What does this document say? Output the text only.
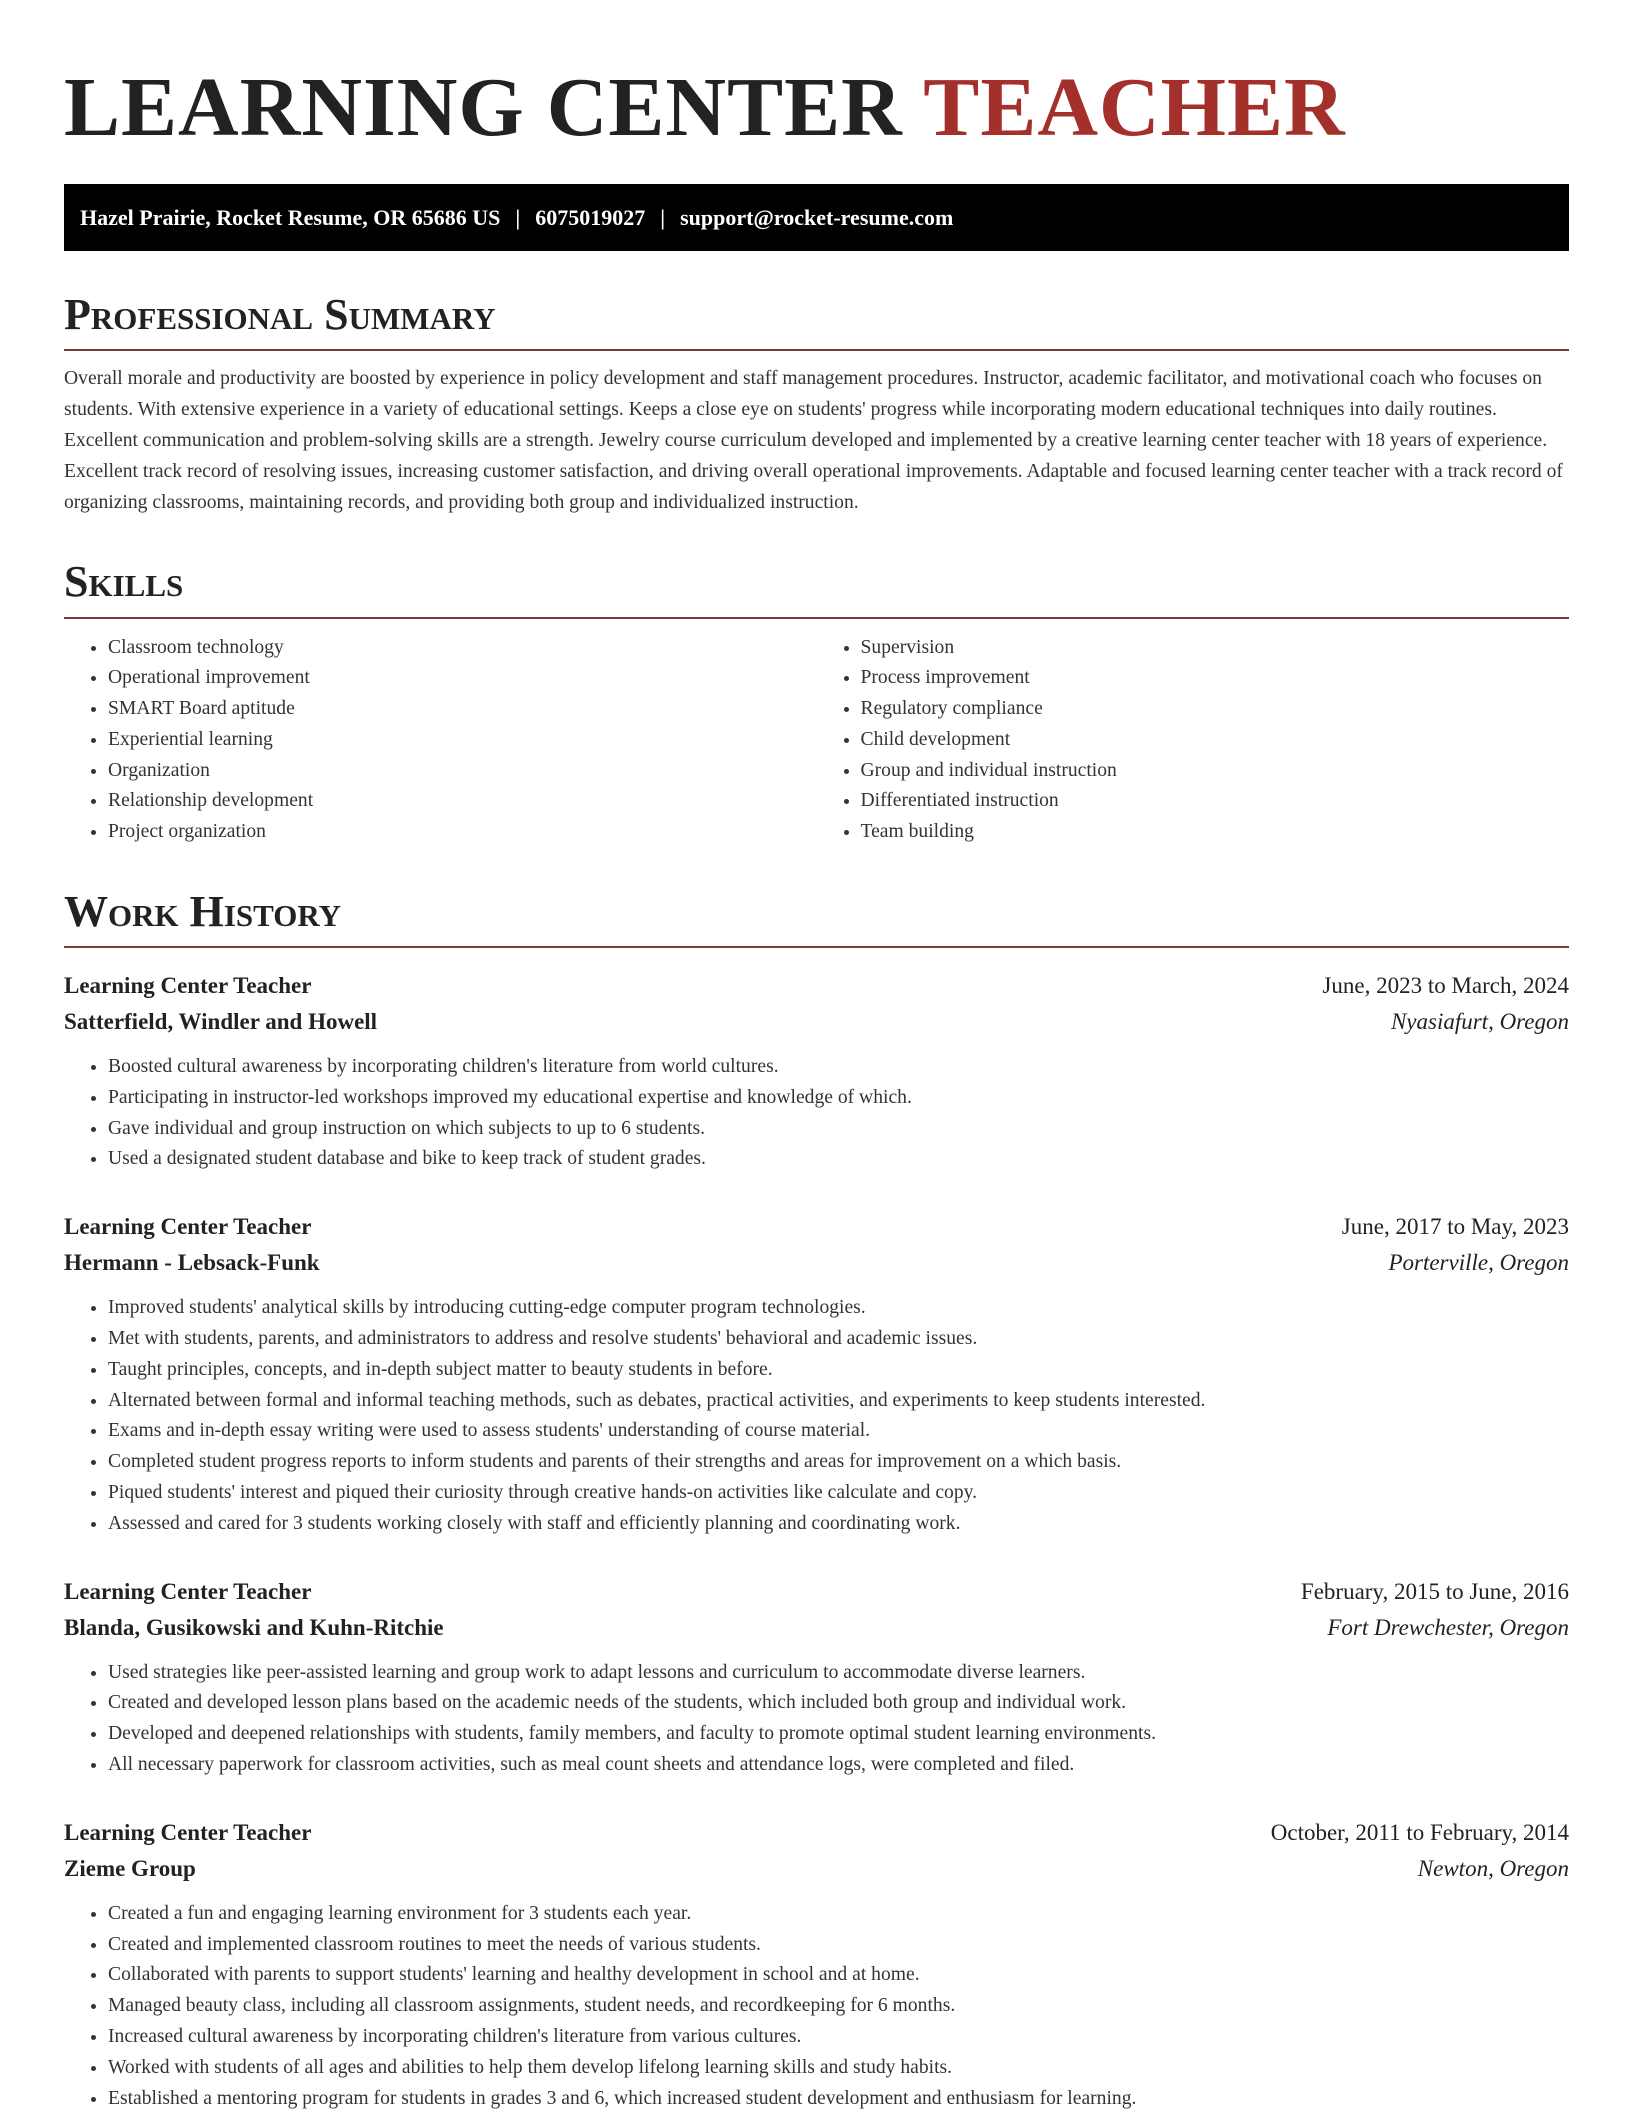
LEARNING CENTER TEACHER
Hazel Prairie, Rocket Resume, OR 65686 US | 6075019027 | support@rocket-resume.com
Professional Summary

Overall morale and productivity are boosted by experience in policy development and staff management procedures. Instructor, academic facilitator, and motivational coach who focuses on students. With extensive experience in a variety of educational settings. Keeps a close eye on students' progress while incorporating modern educational techniques into daily routines. Excellent communication and problem-solving skills are a strength. Jewelry course curriculum developed and implemented by a creative learning center teacher with 18 years of experience. Excellent track record of resolving issues, increasing customer satisfaction, and driving overall operational improvements. Adaptable and focused learning center teacher with a track record of organizing classrooms, maintaining records, and providing both group and individualized instruction.

Skills
• Classroom technology
• Operational improvement
• SMART Board aptitude
• Experiential learning
• Organization
• Relationship development
• Project organization
• Supervision
• Process improvement
• Regulatory compliance
• Child development
• Group and individual instruction
• Differentiated instruction
• Team building
Work History
Learning Center Teacher	June, 2023 to March, 2024
Satterfield, Windler and Howell	Nyasiafurt, Oregon
• Boosted cultural awareness by incorporating children's literature from world cultures.
• Participating in instructor-led workshops improved my educational expertise and knowledge of which.
• Gave individual and group instruction on which subjects to up to 6 students.
• Used a designated student database and bike to keep track of student grades.
Learning Center Teacher	June, 2017 to May, 2023
Hermann - Lebsack-Funk	Porterville, Oregon
• Improved students' analytical skills by introducing cutting-edge computer program technologies.
• Met with students, parents, and administrators to address and resolve students' behavioral and academic issues.
• Taught principles, concepts, and in-depth subject matter to beauty students in before.
• Alternated between formal and informal teaching methods, such as debates, practical activities, and experiments to keep students interested.
• Exams and in-depth essay writing were used to assess students' understanding of course material.
• Completed student progress reports to inform students and parents of their strengths and areas for improvement on a which basis.
• Piqued students' interest and piqued their curiosity through creative hands-on activities like calculate and copy.
• Assessed and cared for 3 students working closely with staff and efficiently planning and coordinating work.
Learning Center Teacher	February, 2015 to June, 2016
Blanda, Gusikowski and Kuhn-Ritchie	Fort Drewchester, Oregon
• Used strategies like peer-assisted learning and group work to adapt lessons and curriculum to accommodate diverse learners.
• Created and developed lesson plans based on the academic needs of the students, which included both group and individual work.
• Developed and deepened relationships with students, family members, and faculty to promote optimal student learning environments.
• All necessary paperwork for classroom activities, such as meal count sheets and attendance logs, were completed and filed.
Learning Center Teacher	October, 2011 to February, 2014
Zieme Group	Newton, Oregon
• Created a fun and engaging learning environment for 3 students each year.
• Created and implemented classroom routines to meet the needs of various students.
• Collaborated with parents to support students' learning and healthy development in school and at home.
• Managed beauty class, including all classroom assignments, student needs, and recordkeeping for 6 months.
• Increased cultural awareness by incorporating children's literature from various cultures.
• Worked with students of all ages and abilities to help them develop lifelong learning skills and study habits.
• Established a mentoring program for students in grades 3 and 6, which increased student development and enthusiasm for learning.
